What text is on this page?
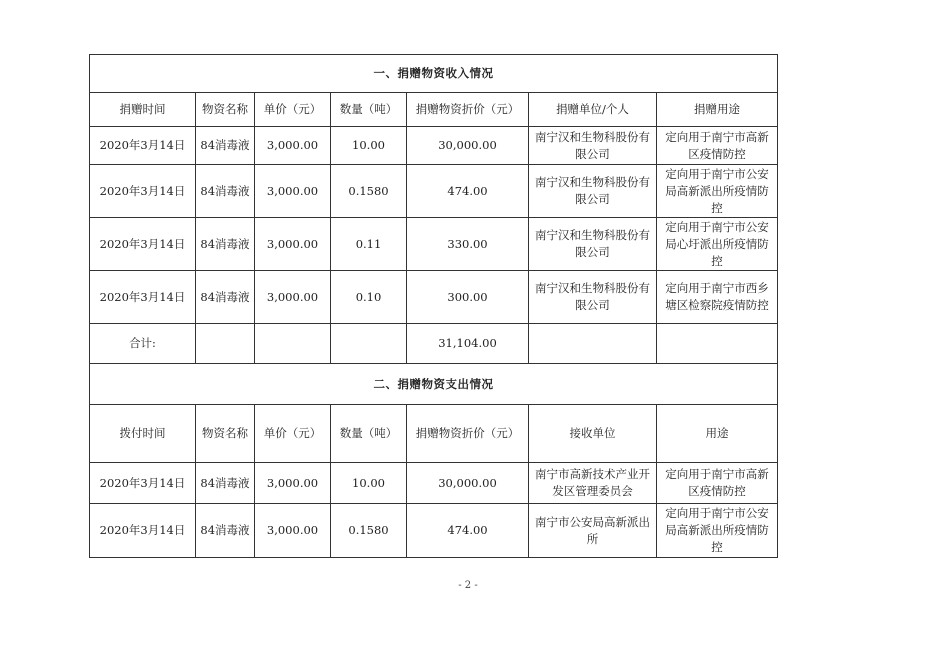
一、捐赠物资收入情况						
捐赠时间	物资名称	单价（元）	数量（吨）	捐赠物资折价（元）	捐赠单位/个人	捐赠用途
2020年3月14日	84消毒液	3,000.00	10.00	30,000.00	南宁汉和生物科股份有限公司	定向用于南宁市高新区疫情防控
2020年3月14日	84消毒液	3,000.00	0.1580	474.00	南宁汉和生物科股份有限公司	定向用于南宁市公安局高新派出所疫情防控
2020年3月14日	84消毒液	3,000.00	0.11	330.00	南宁汉和生物科股份有限公司	定向用于南宁市公安局心圩派出所疫情防控
2020年3月14日	84消毒液	3,000.00	0.10	300.00	南宁汉和生物科股份有限公司	定向用于南宁市西乡塘区检察院疫情防控
合计:				31,104.00		
二、捐赠物资支出情况						
拨付时间	物资名称	单价（元）	数量（吨）	捐赠物资折价（元）	接收单位	用途
2020年3月14日	84消毒液	3,000.00	10.00	30,000.00	南宁市高新技术产业开发区管理委员会	定向用于南宁市高新区疫情防控
2020年3月14日	84消毒液	3,000.00	0.1580	474.00	南宁市公安局高新派出所	定向用于南宁市公安局高新派出所疫情防控
- 2 -
